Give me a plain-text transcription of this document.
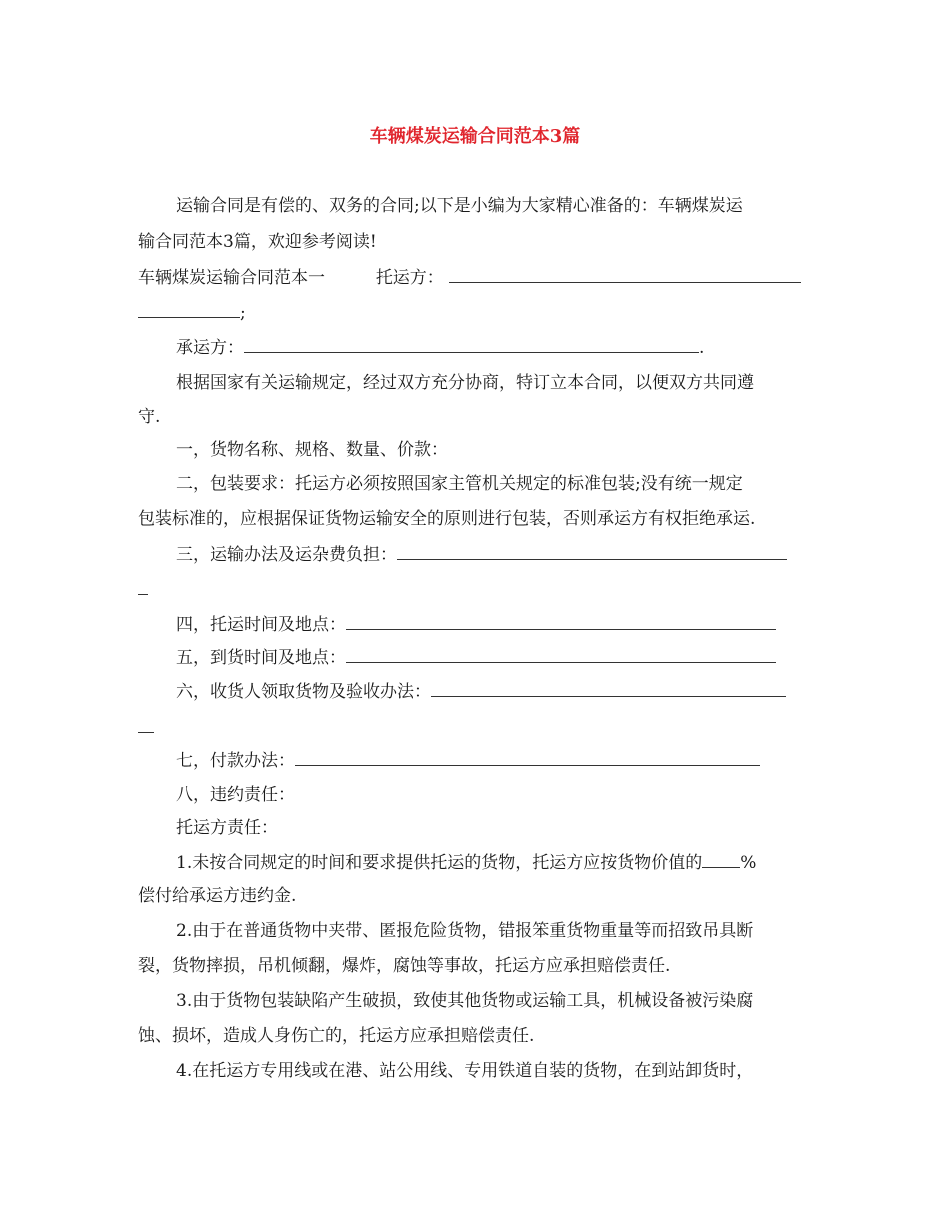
车辆煤炭运输合同范本3篇
运输合同是有偿的、双务的合同;以下是小编为大家精心准备的：车辆煤炭运
输合同范本3篇，欢迎参考阅读!
车辆煤炭运输合同范本一	托运方：
;
承运方：	.
根据国家有关运输规定，经过双方充分协商，特订立本合同，以便双方共同遵
守.
一，货物名称、规格、数量、价款：
二，包装要求：托运方必须按照国家主管机关规定的标准包装;没有统一规定
包装标准的，应根据保证货物运输安全的原则进行包装，否则承运方有权拒绝承运.
三，运输办法及运杂费负担：
四，托运时间及地点：
五，到货时间及地点：
六，收货人领取货物及验收办法：
七，付款办法：
八，违约责任：
托运方责任：
1.未按合同规定的时间和要求提供托运的货物，托运方应按货物价值的 %
偿付给承运方违约金.
2.由于在普通货物中夹带、匿报危险货物，错报笨重货物重量等而招致吊具断
裂，货物摔损，吊机倾翻，爆炸，腐蚀等事故，托运方应承担赔偿责任.
3.由于货物包装缺陷产生破损，致使其他货物或运输工具，机械设备被污染腐
蚀、损坏，造成人身伤亡的，托运方应承担赔偿责任.
4.在托运方专用线或在港、站公用线、专用铁道自装的货物，在到站卸货时，
